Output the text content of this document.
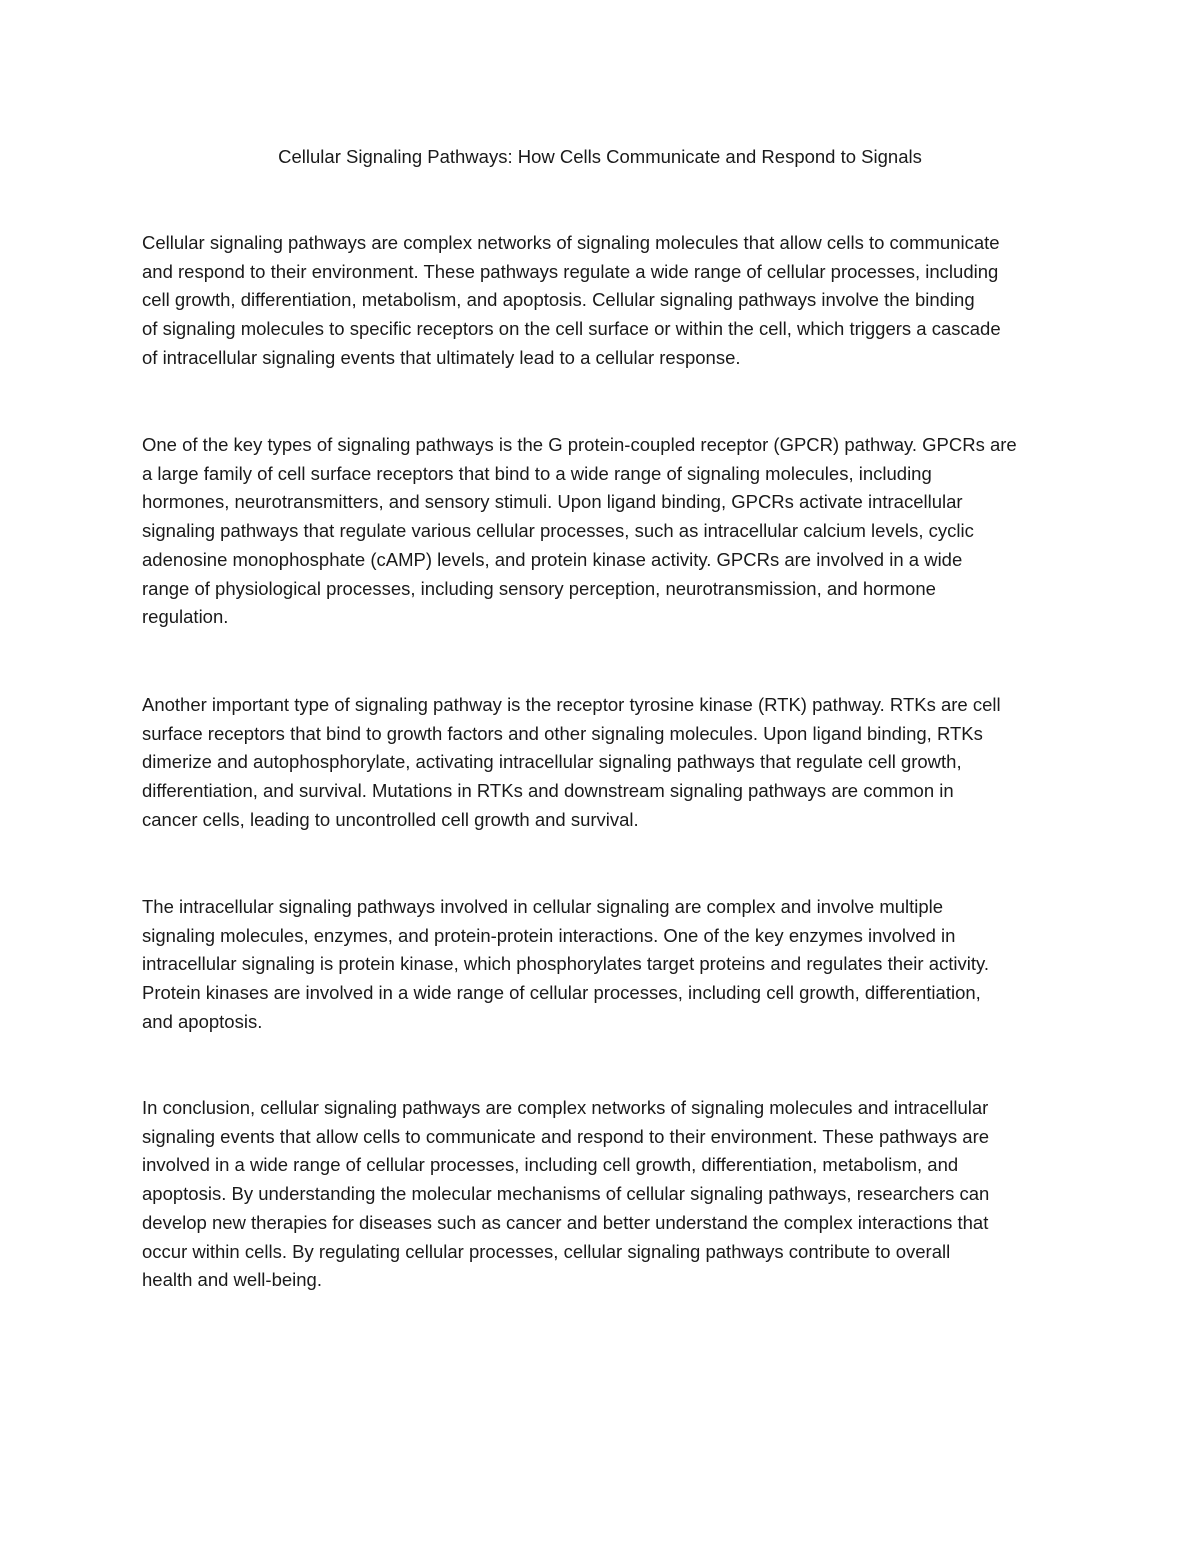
Cellular Signaling Pathways: How Cells Communicate and Respond to Signals
Cellular signaling pathways are complex networks of signaling molecules that allow cells to communicate
and respond to their environment. These pathways regulate a wide range of cellular processes, including
cell growth, differentiation, metabolism, and apoptosis. Cellular signaling pathways involve the binding
of signaling molecules to specific receptors on the cell surface or within the cell, which triggers a cascade
of intracellular signaling events that ultimately lead to a cellular response.
One of the key types of signaling pathways is the G protein-coupled receptor (GPCR) pathway. GPCRs are
a large family of cell surface receptors that bind to a wide range of signaling molecules, including
hormones, neurotransmitters, and sensory stimuli. Upon ligand binding, GPCRs activate intracellular
signaling pathways that regulate various cellular processes, such as intracellular calcium levels, cyclic
adenosine monophosphate (cAMP) levels, and protein kinase activity. GPCRs are involved in a wide
range of physiological processes, including sensory perception, neurotransmission, and hormone
regulation.
Another important type of signaling pathway is the receptor tyrosine kinase (RTK) pathway. RTKs are cell
surface receptors that bind to growth factors and other signaling molecules. Upon ligand binding, RTKs
dimerize and autophosphorylate, activating intracellular signaling pathways that regulate cell growth,
differentiation, and survival. Mutations in RTKs and downstream signaling pathways are common in
cancer cells, leading to uncontrolled cell growth and survival.
The intracellular signaling pathways involved in cellular signaling are complex and involve multiple
signaling molecules, enzymes, and protein-protein interactions. One of the key enzymes involved in
intracellular signaling is protein kinase, which phosphorylates target proteins and regulates their activity.
Protein kinases are involved in a wide range of cellular processes, including cell growth, differentiation,
and apoptosis.
In conclusion, cellular signaling pathways are complex networks of signaling molecules and intracellular
signaling events that allow cells to communicate and respond to their environment. These pathways are
involved in a wide range of cellular processes, including cell growth, differentiation, metabolism, and
apoptosis. By understanding the molecular mechanisms of cellular signaling pathways, researchers can
develop new therapies for diseases such as cancer and better understand the complex interactions that
occur within cells. By regulating cellular processes, cellular signaling pathways contribute to overall
health and well-being.
